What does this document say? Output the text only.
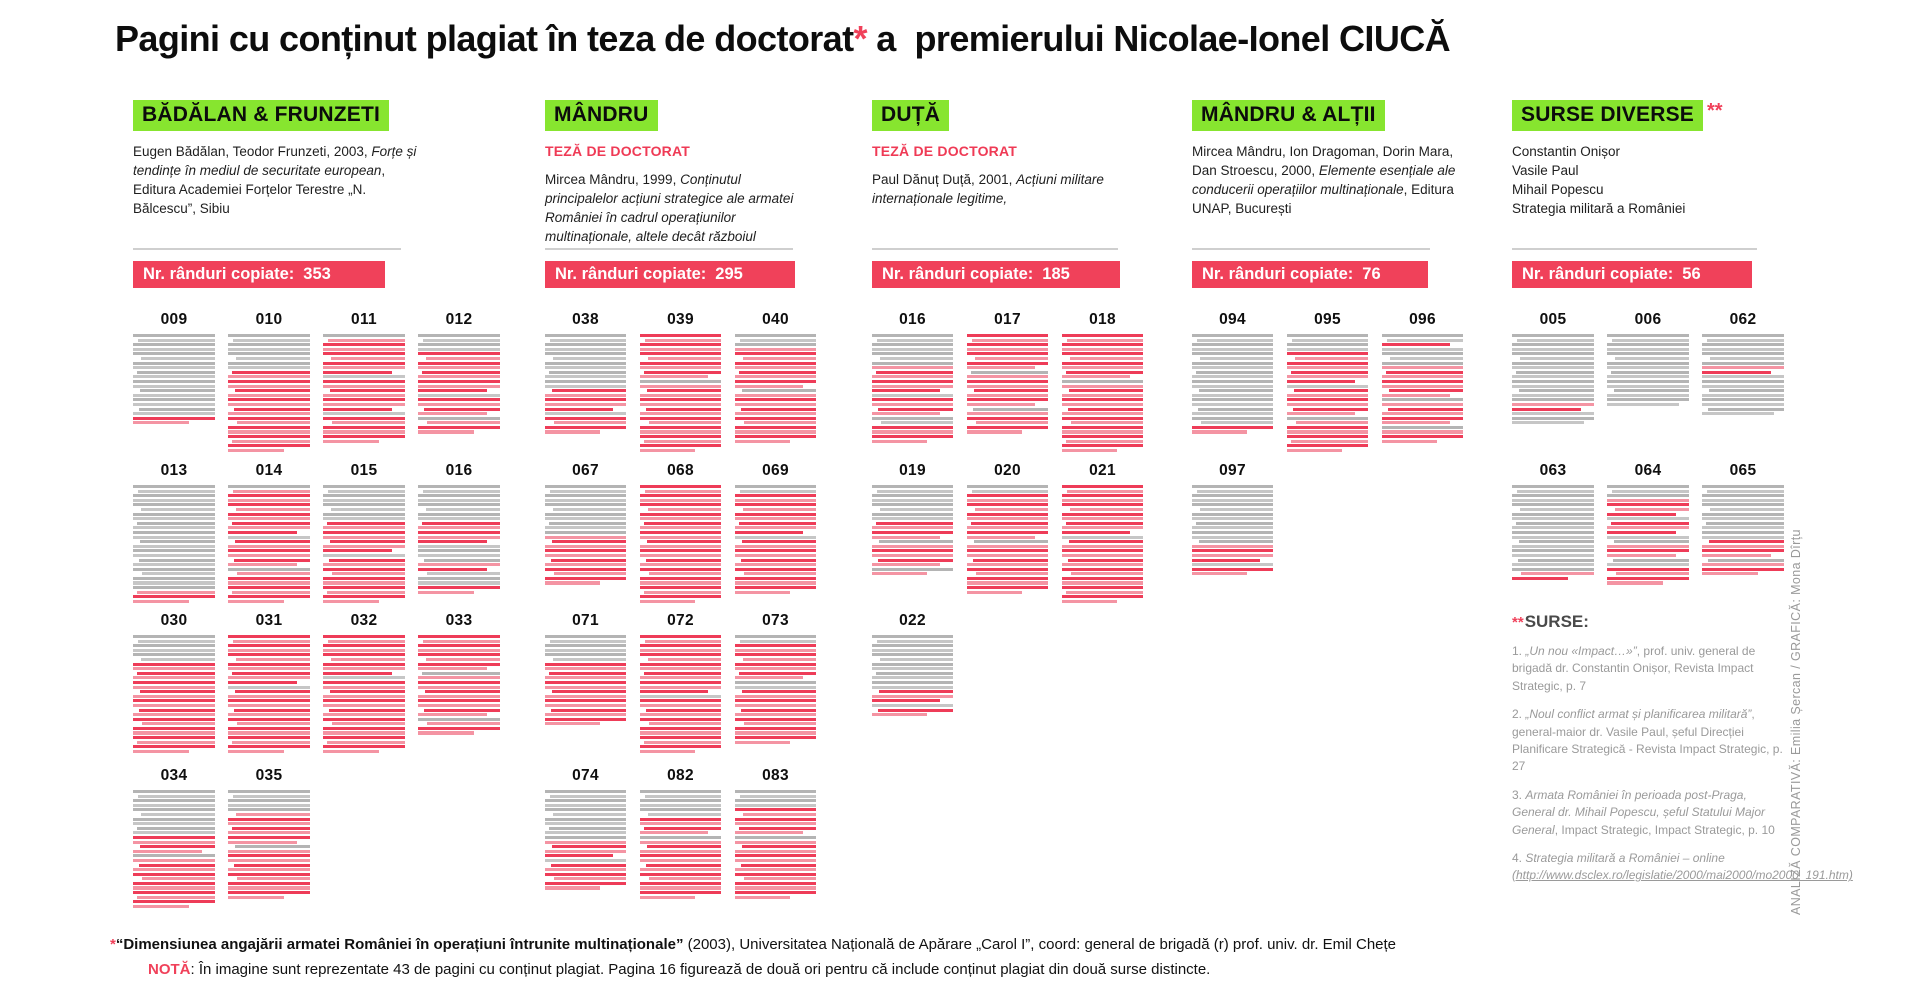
Pagini cu conținut plagiat în teza de doctorat* a  premierului Nicolae-Ionel CIUCĂ
BĂDĂLAN & FRUNZETI
Eugen Bădălan, Teodor Frunzeti, 2003, Forțe și tendințe în mediul de securitate european, Editura Academiei Forțelor Terestre „N. Bălcescu”, Sibiu
Nr. rânduri copiate: 353
009	010	011	012
013	014	015	016
030	031	032	033
034	035
MÂNDRU
TEZĂ DE DOCTORAT
Mircea Mândru, 1999, Conținutul principalelor acțiuni strategice ale armatei României în cadrul operațiunilor multinaționale, altele decât războiul
Nr. rânduri copiate: 295
038	039	040
067	068	069
071	072	073
074	082	083
DUȚĂ
TEZĂ DE DOCTORAT
Paul Dănuț Duță, 2001, Acțiuni militare internaționale legitime,
Nr. rânduri copiate: 185
016	017	018
019	020	021
022
MÂNDRU & ALȚII
Mircea Mândru, Ion Dragoman, Dorin Mara, Dan Stroescu, 2000, Elemente esențiale ale conducerii operațiilor multinaționale, Editura UNAP, București
Nr. rânduri copiate: 76
094	095	096
097
SURSE DIVERSE **
Constantin Onișor
Vasile Paul
Mihail Popescu
Strategia militară a României
Nr. rânduri copiate: 56
005	006	062
063	064	065
**SURSE:
1. „Un nou «Impact…»”, prof. univ. general de brigadă dr. Constantin Onișor, Revista Impact Strategic, p. 7
2. „Noul conflict armat și planificarea militară”, general-maior dr. Vasile Paul, șeful Direcției Planificare Strategică - Revista Impact Strategic, p. 27
3. Armata României în perioada post-Praga, General dr. Mihail Popescu, șeful Statului Major General, Impact Strategic, Impact Strategic, p. 10
4. Strategia militară a României – online (http://www.dsclex.ro/legislatie/2000/mai2000/mo2000_191.htm)
ANALIZĂ COMPARATIVĂ: Emilia Șercan / GRAFICĂ: Mona Dîrțu
*“Dimensiunea angajării armatei României în operațiuni întrunite multinaționale” (2003), Universitatea Națională de Apărare „Carol I”, coord: general de brigadă (r) prof. univ. dr. Emil Chețe
NOTĂ: În imagine sunt reprezentate 43 de pagini cu conținut plagiat. Pagina 16 figurează de două ori pentru că include conținut plagiat din două surse distincte.
